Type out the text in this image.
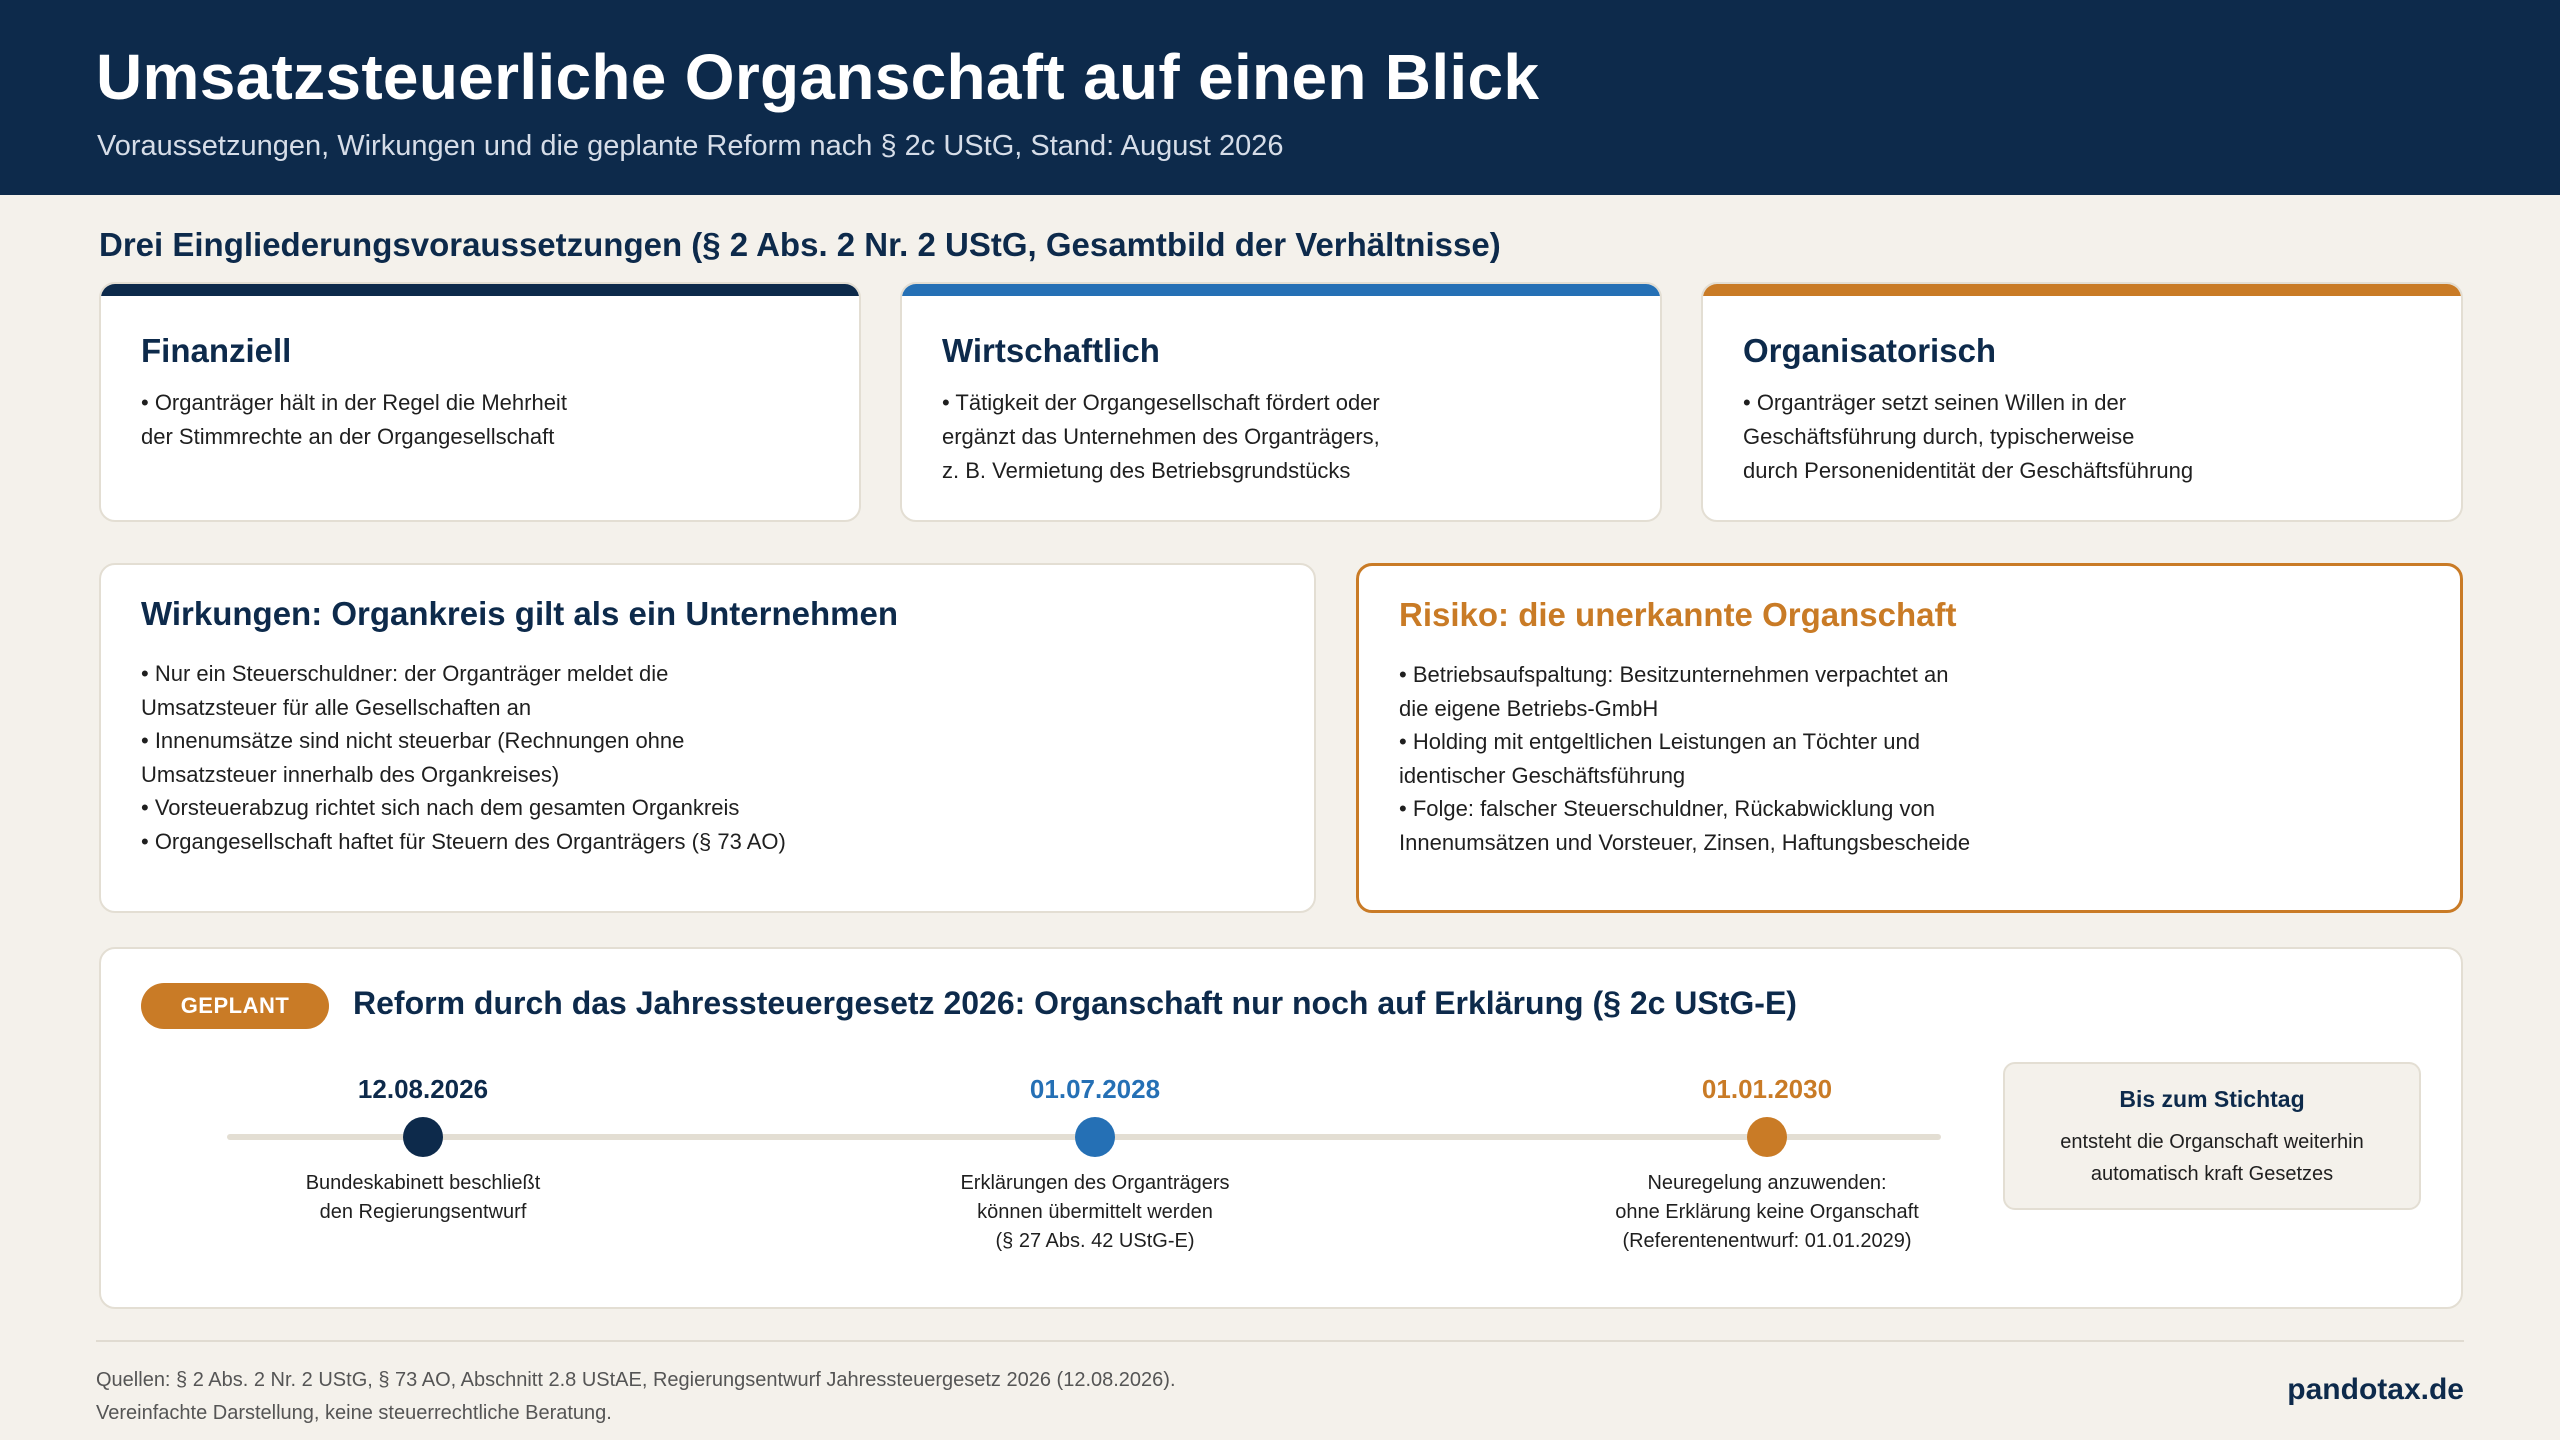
Umsatzsteuerliche Organschaft auf einen Blick
Voraussetzungen, Wirkungen und die geplante Reform nach § 2c UStG, Stand: August 2026
Drei Eingliederungsvoraussetzungen (§ 2 Abs. 2 Nr. 2 UStG, Gesamtbild der Verhältnisse)
Finanziell
• Organträger hält in der Regel die Mehrheit
der Stimmrechte an der Organgesellschaft
Wirtschaftlich
• Tätigkeit der Organgesellschaft fördert oder
ergänzt das Unternehmen des Organträgers,
z. B. Vermietung des Betriebsgrundstücks
Organisatorisch
• Organträger setzt seinen Willen in der
Geschäftsführung durch, typischerweise
durch Personenidentität der Geschäftsführung
Wirkungen: Organkreis gilt als ein Unternehmen
• Nur ein Steuerschuldner: der Organträger meldet die
Umsatzsteuer für alle Gesellschaften an
• Innenumsätze sind nicht steuerbar (Rechnungen ohne
Umsatzsteuer innerhalb des Organkreises)
• Vorsteuerabzug richtet sich nach dem gesamten Organkreis
• Organgesellschaft haftet für Steuern des Organträgers (§ 73 AO)
Risiko: die unerkannte Organschaft
• Betriebsaufspaltung: Besitzunternehmen verpachtet an
die eigene Betriebs-GmbH
• Holding mit entgeltlichen Leistungen an Töchter und
identischer Geschäftsführung
• Folge: falscher Steuerschuldner, Rückabwicklung von
Innenumsätzen und Vorsteuer, Zinsen, Haftungsbescheide
GEPLANT	Reform durch das Jahressteuergesetz 2026: Organschaft nur noch auf Erklärung (§ 2c UStG-E)
12.08.2026
Bundeskabinett beschließt
den Regierungsentwurf
01.07.2028
Erklärungen des Organträgers
können übermittelt werden
(§ 27 Abs. 42 UStG-E)
01.01.2030
Neuregelung anzuwenden:
ohne Erklärung keine Organschaft
(Referentenentwurf: 01.01.2029)
Bis zum Stichtag
entsteht die Organschaft weiterhin
automatisch kraft Gesetzes
Quellen: § 2 Abs. 2 Nr. 2 UStG, § 73 AO, Abschnitt 2.8 UStAE, Regierungsentwurf Jahressteuergesetz 2026 (12.08.2026).
Vereinfachte Darstellung, keine steuerrechtliche Beratung.
pandotax.de
